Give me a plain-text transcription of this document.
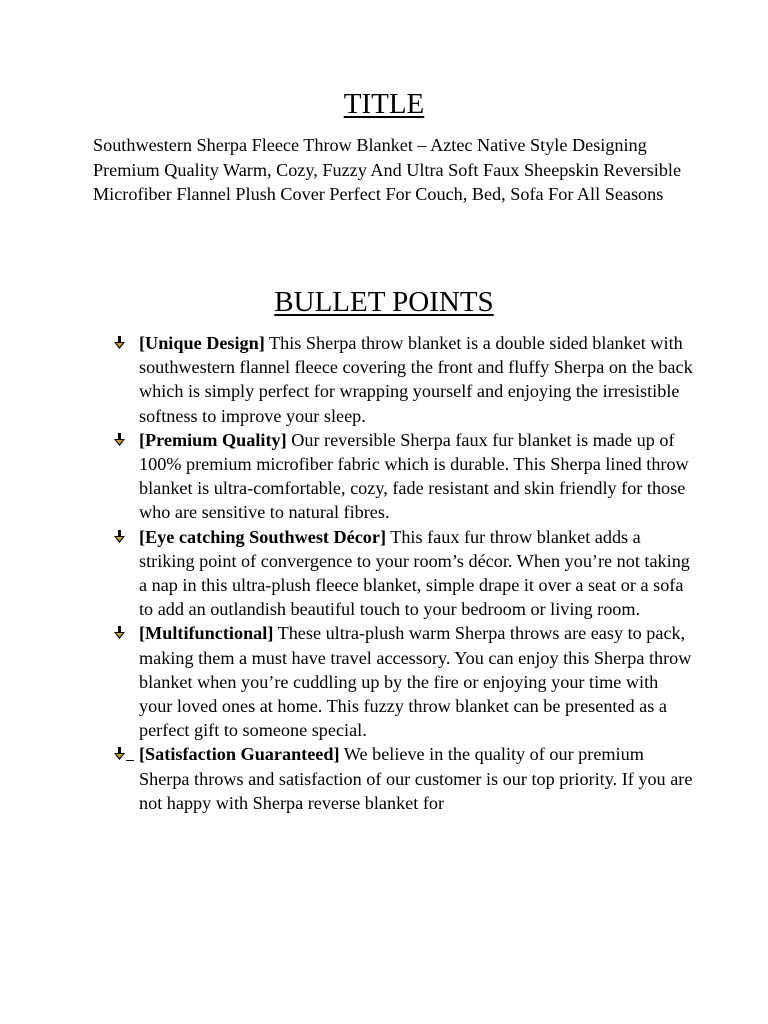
TITLE
Southwestern Sherpa Fleece Throw Blanket – Aztec Native Style Designing Premium Quality Warm, Cozy, Fuzzy And Ultra Soft Faux Sheepskin Reversible Microfiber Flannel Plush Cover Perfect For Couch, Bed, Sofa For All Seasons
BULLET POINTS
[Unique Design] This Sherpa throw blanket is a double sided blanket with southwestern flannel fleece covering the front and fluffy Sherpa on the back which is simply perfect for wrapping yourself and enjoying the irresistible softness to improve your sleep.
[Premium Quality] Our reversible Sherpa faux fur blanket is made up of 100% premium microfiber fabric which is durable. This Sherpa lined throw blanket is ultra-comfortable, cozy, fade resistant and skin friendly for those who are sensitive to natural fibres.
[Eye catching Southwest Décor] This faux fur throw blanket adds a striking point of convergence to your room’s décor. When you’re not taking a nap in this ultra-plush fleece blanket, simple drape it over a seat or a sofa to add an outlandish beautiful touch to your bedroom or living room.
[Multifunctional] These ultra-plush warm Sherpa throws are easy to pack, making them a must have travel accessory. You can enjoy this Sherpa throw blanket when you’re cuddling up by the fire or enjoying your time with your loved ones at home. This fuzzy throw blanket can be presented as a perfect gift to someone special.
[Satisfaction Guaranteed] We believe in the quality of our premium Sherpa throws and satisfaction of our customer is our top priority. If you are not happy with Sherpa reverse blanket for
